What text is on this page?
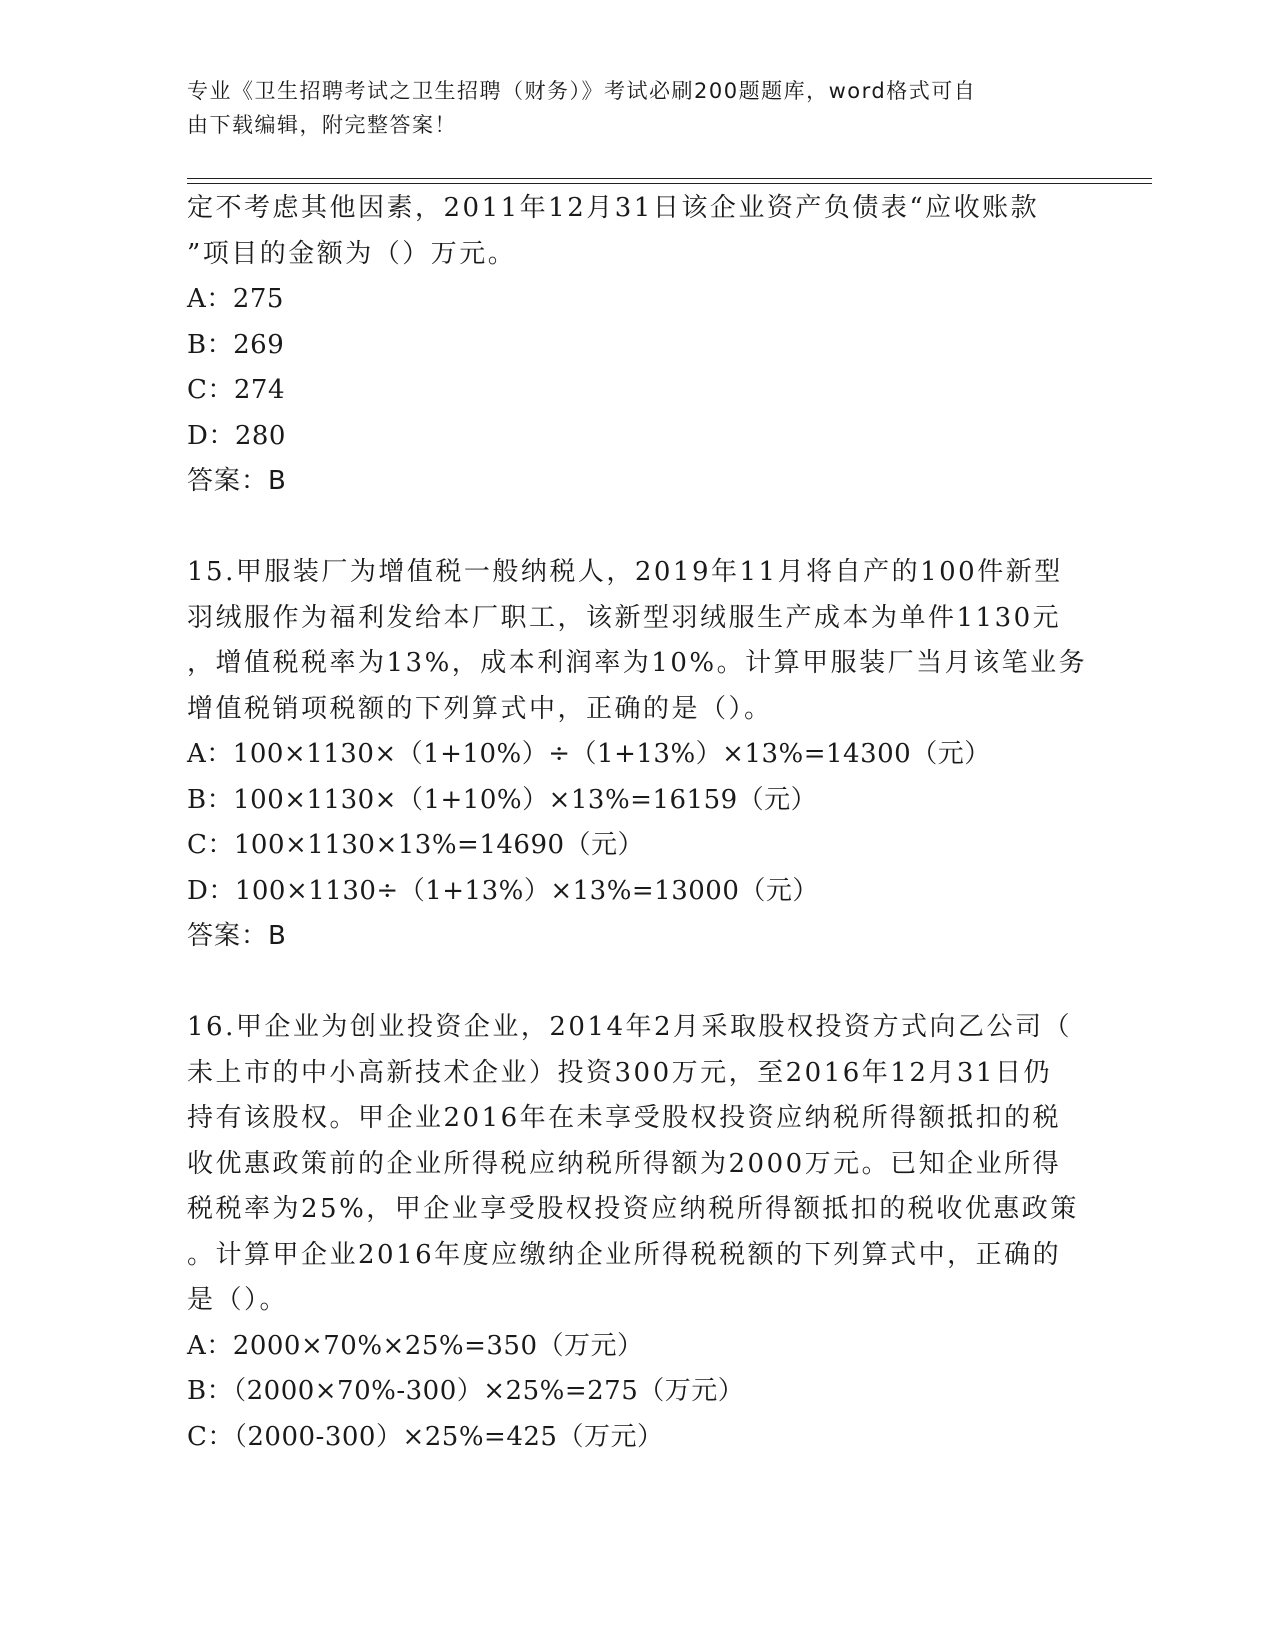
专业《卫生招聘考试之卫生招聘（财务）》考试必刷200题题库，word格式可自
由下载编辑，附完整答案！
定不考虑其他因素，2011年12月31日该企业资产负债表“应收账款
”项目的金额为（）万元。
A：275
B：269
C：274
D：280
答案：B
15.甲服装厂为增值税一般纳税人，2019年11月将自产的100件新型
羽绒服作为福利发给本厂职工，该新型羽绒服生产成本为单件1130元
，增值税税率为13%，成本利润率为10%。计算甲服装厂当月该笔业务
增值税销项税额的下列算式中，正确的是（）。
A：100×1130×（1+10%）÷（1+13%）×13%=14300（元）
B：100×1130×（1+10%）×13%=16159（元）
C：100×1130×13%=14690（元）
D：100×1130÷（1+13%）×13%=13000（元）
答案：B
16.甲企业为创业投资企业，2014年2月采取股权投资方式向乙公司（
未上市的中小高新技术企业）投资300万元，至2016年12月31日仍
持有该股权。甲企业2016年在未享受股权投资应纳税所得额抵扣的税
收优惠政策前的企业所得税应纳税所得额为2000万元。已知企业所得
税税率为25%，甲企业享受股权投资应纳税所得额抵扣的税收优惠政策
。计算甲企业2016年度应缴纳企业所得税税额的下列算式中，正确的
是（）。
A：2000×70%×25%=350（万元）
B：（2000×70%-300）×25%=275（万元）
C：（2000-300）×25%=425（万元）
